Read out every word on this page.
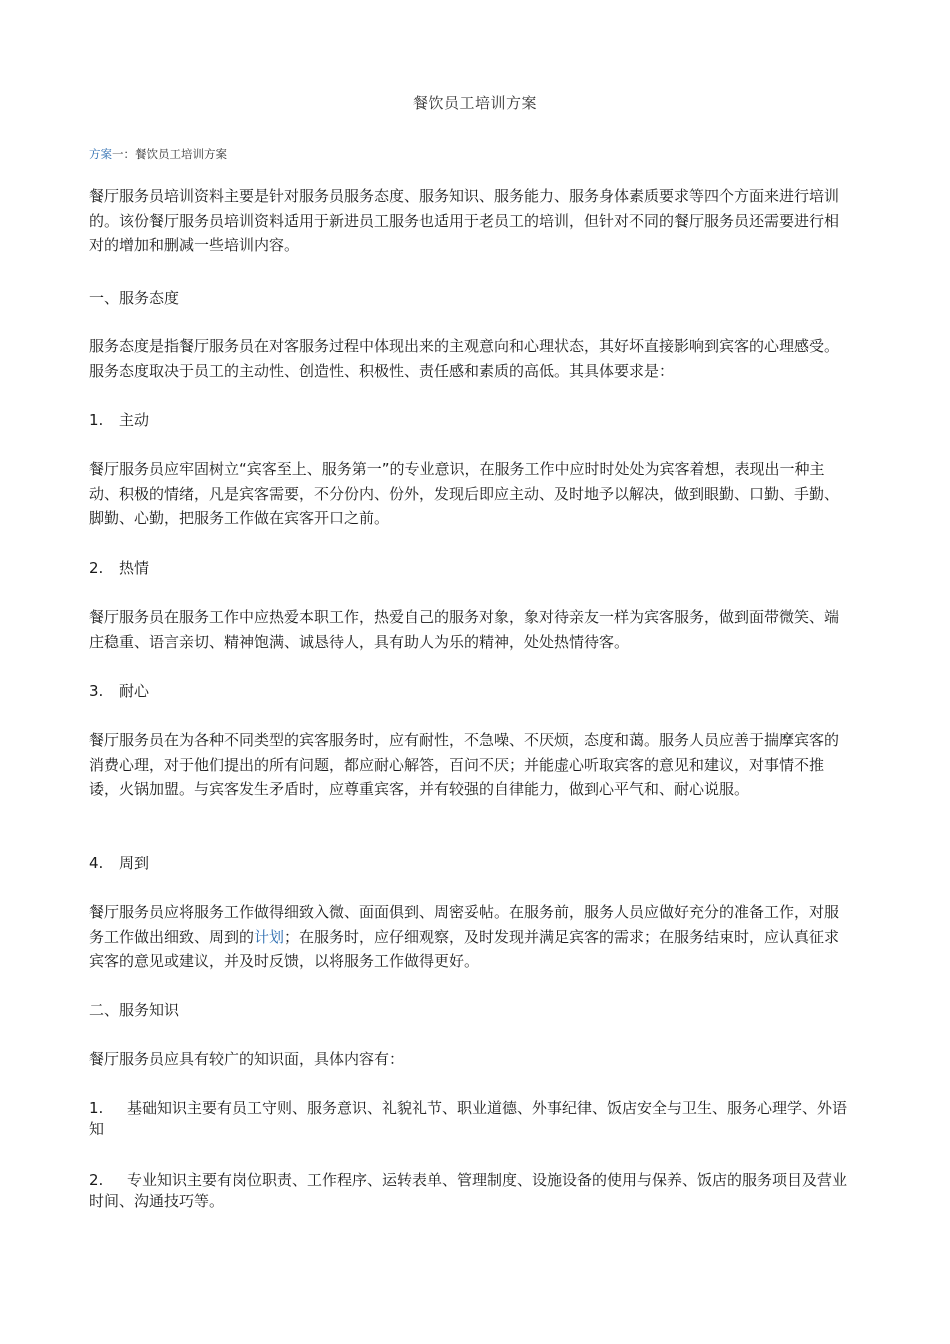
餐饮员工培训方案
方案一：餐饮员工培训方案
餐厅服务员培训资料主要是针对服务员服务态度、服务知识、服务能力、服务身体素质要求等四个方面来进行培训的。该份餐厅服务员培训资料适用于新进员工服务也适用于老员工的培训，但针对不同的餐厅服务员还需要进行相对的增加和删减一些培训内容。
一、服务态度
服务态度是指餐厅服务员在对客服务过程中体现出来的主观意向和心理状态，其好坏直接影响到宾客的心理感受。服务态度取决于员工的主动性、创造性、积极性、责任感和素质的高低。其具体要求是：
1. 主动
餐厅服务员应牢固树立“宾客至上、服务第一”的专业意识，在服务工作中应时时处处为宾客着想，表现出一种主动、积极的情绪，凡是宾客需要，不分份内、份外，发现后即应主动、及时地予以解决，做到眼勤、口勤、手勤、脚勤、心勤，把服务工作做在宾客开口之前。
2. 热情
餐厅服务员在服务工作中应热爱本职工作，热爱自己的服务对象，象对待亲友一样为宾客服务，做到面带微笑、端庄稳重、语言亲切、精神饱满、诚恳待人，具有助人为乐的精神，处处热情待客。
3. 耐心
餐厅服务员在为各种不同类型的宾客服务时，应有耐性，不急噪、不厌烦，态度和蔼。服务人员应善于揣摩宾客的消费心理，对于他们提出的所有问题，都应耐心解答，百问不厌；并能虚心听取宾客的意见和建议，对事情不推诿，火锅加盟。与宾客发生矛盾时，应尊重宾客，并有较强的自律能力，做到心平气和、耐心说服。
4. 周到
餐厅服务员应将服务工作做得细致入微、面面俱到、周密妥帖。在服务前，服务人员应做好充分的准备工作，对服务工作做出细致、周到的计划；在服务时，应仔细观察，及时发现并满足宾客的需求；在服务结束时，应认真征求宾客的意见或建议，并及时反馈，以将服务工作做得更好。
二、服务知识
餐厅服务员应具有较广的知识面，具体内容有：
1. 基础知识主要有员工守则、服务意识、礼貌礼节、职业道德、外事纪律、饭店安全与卫生、服务心理学、外语知
2. 专业知识主要有岗位职责、工作程序、运转表单、管理制度、设施设备的使用与保养、饭店的服务项目及营业时间、沟通技巧等。
